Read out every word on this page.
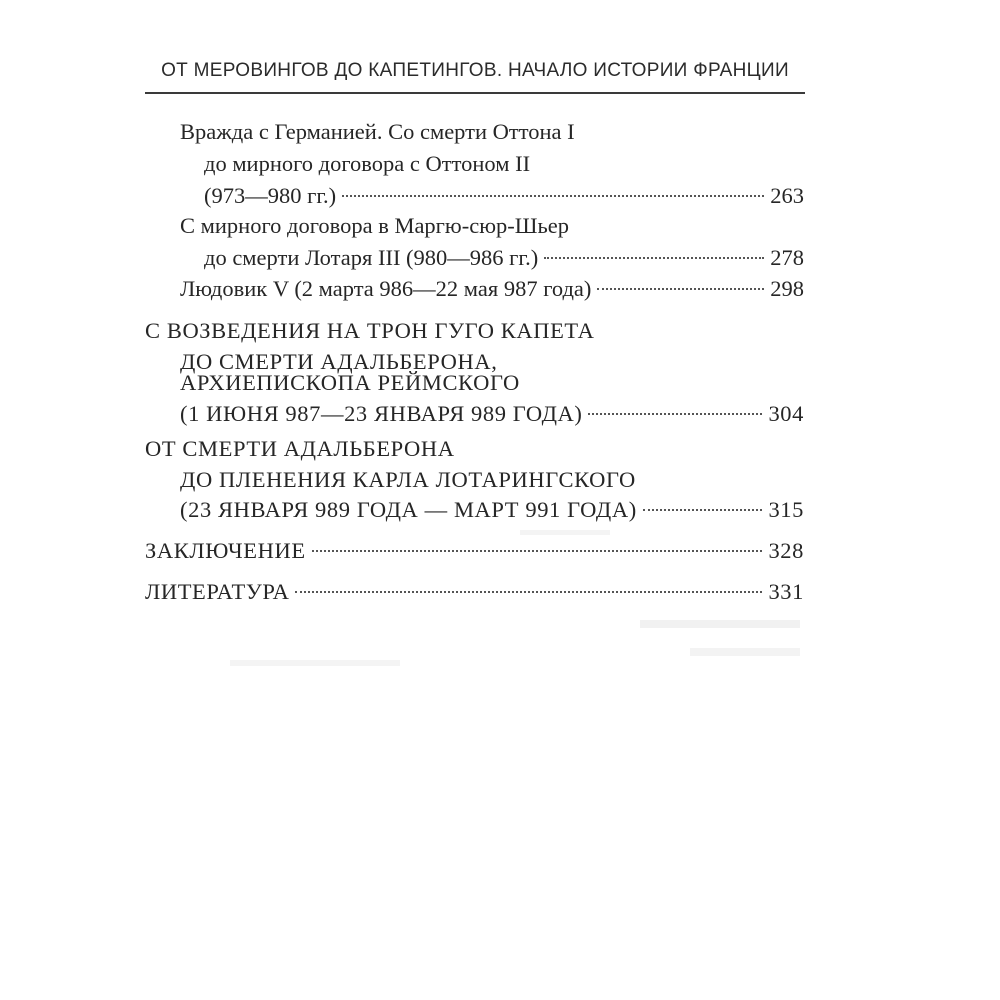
ОТ МЕРОВИНГОВ ДО КАПЕТИНГОВ. НАЧАЛО ИСТОРИИ ФРАНЦИИ
Вражда с Германией. Со смерти Оттона I
до мирного договора с Оттоном II
(973—980 гг.)	263
С мирного договора в Маргю-сюр-Шьер
до смерти Лотаря III (980—986 гг.)	278
Людовик V (2 марта 986—22 мая 987 года)	298
С ВОЗВЕДЕНИЯ НА ТРОН ГУГО КАПЕТА
ДО СМЕРТИ АДАЛЬБЕРОНА,
АРХИЕПИСКОПА РЕЙМСКОГО
(1 ИЮНЯ 987—23 ЯНВАРЯ 989 ГОДА)	304
ОТ СМЕРТИ АДАЛЬБЕРОНА
ДО ПЛЕНЕНИЯ КАРЛА ЛОТАРИНГСКОГО
(23 ЯНВАРЯ 989 ГОДА — МАРТ 991 ГОДА)	315
ЗАКЛЮЧЕНИЕ	328
ЛИТЕРАТУРА	331
